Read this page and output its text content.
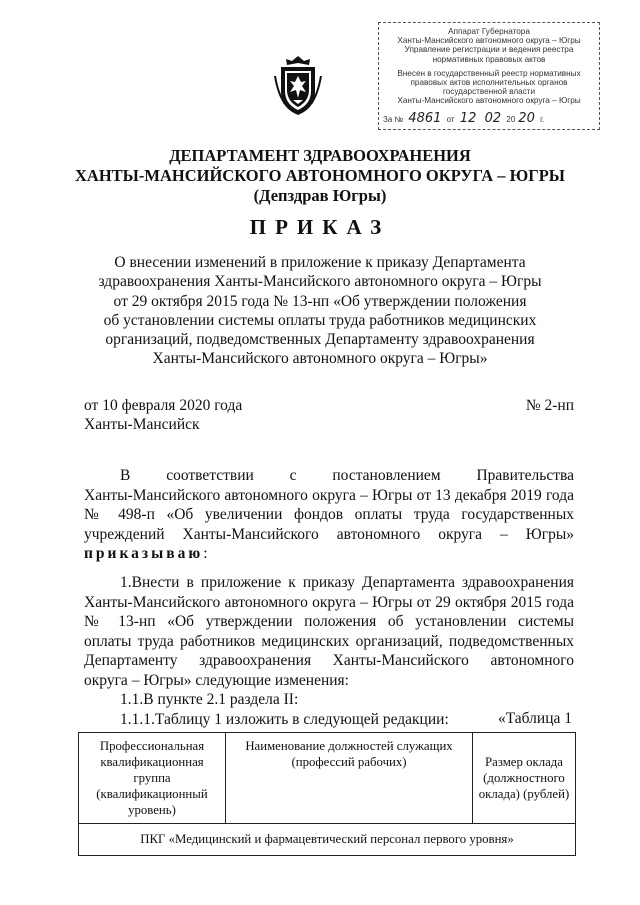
Аппарат Губернатора
Ханты-Мансийского автономного округа – Югры
Управление регистрации и ведения реестра
нормативных правовых актов
Внесен в государственный реестр нормативных
правовых актов исполнительных органов
государственной власти
Ханты-Мансийского автономного округа – Югры
За № 4861 от 12 02 20 20 г.
ДЕПАРТАМЕНТ ЗДРАВООХРАНЕНИЯ
ХАНТЫ-МАНСИЙСКОГО АВТОНОМНОГО ОКРУГА – ЮГРЫ
(Депздрав Югры)
ПРИКАЗ
О внесении изменений в приложение к приказу Департамента
здравоохранения Ханты-Мансийского автономного округа – Югры
от 29 октября 2015 года № 13-нп «Об утверждении положения
об установлении системы оплаты труда работников медицинских
организаций, подведомственных Департаменту здравоохранения
Ханты-Мансийского автономного округа – Югры»
от 10 февраля 2020 года	№ 2-нп
Ханты-Мансийск
В соответствии с постановлением Правительства
Ханты-Мансийского автономного округа – Югры от 13 декабря 2019 года
№ 498-п «Об увеличении фондов оплаты труда государственных
учреждений Ханты-Мансийского автономного округа – Югры»
приказываю:
1.Внести в приложение к приказу Департамента здравоохранения
Ханты-Мансийского автономного округа – Югры от 29 октября 2015 года
№ 13-нп «Об утверждении положения об установлении системы
оплаты труда работников медицинских организаций, подведомственных
Департаменту здравоохранения Ханты-Мансийского автономного
округа – Югры» следующие изменения:
1.1.В пункте 2.1 раздела II:
1.1.1.Таблицу 1 изложить в следующей редакции:	«Таблица 1
Профессиональная квалификационная группа (квалификационный уровень)	Наименование должностей служащих (профессий рабочих)	Размер оклада (должностного оклада) (рублей)
ПКГ «Медицинский и фармацевтический персонал первого уровня»
